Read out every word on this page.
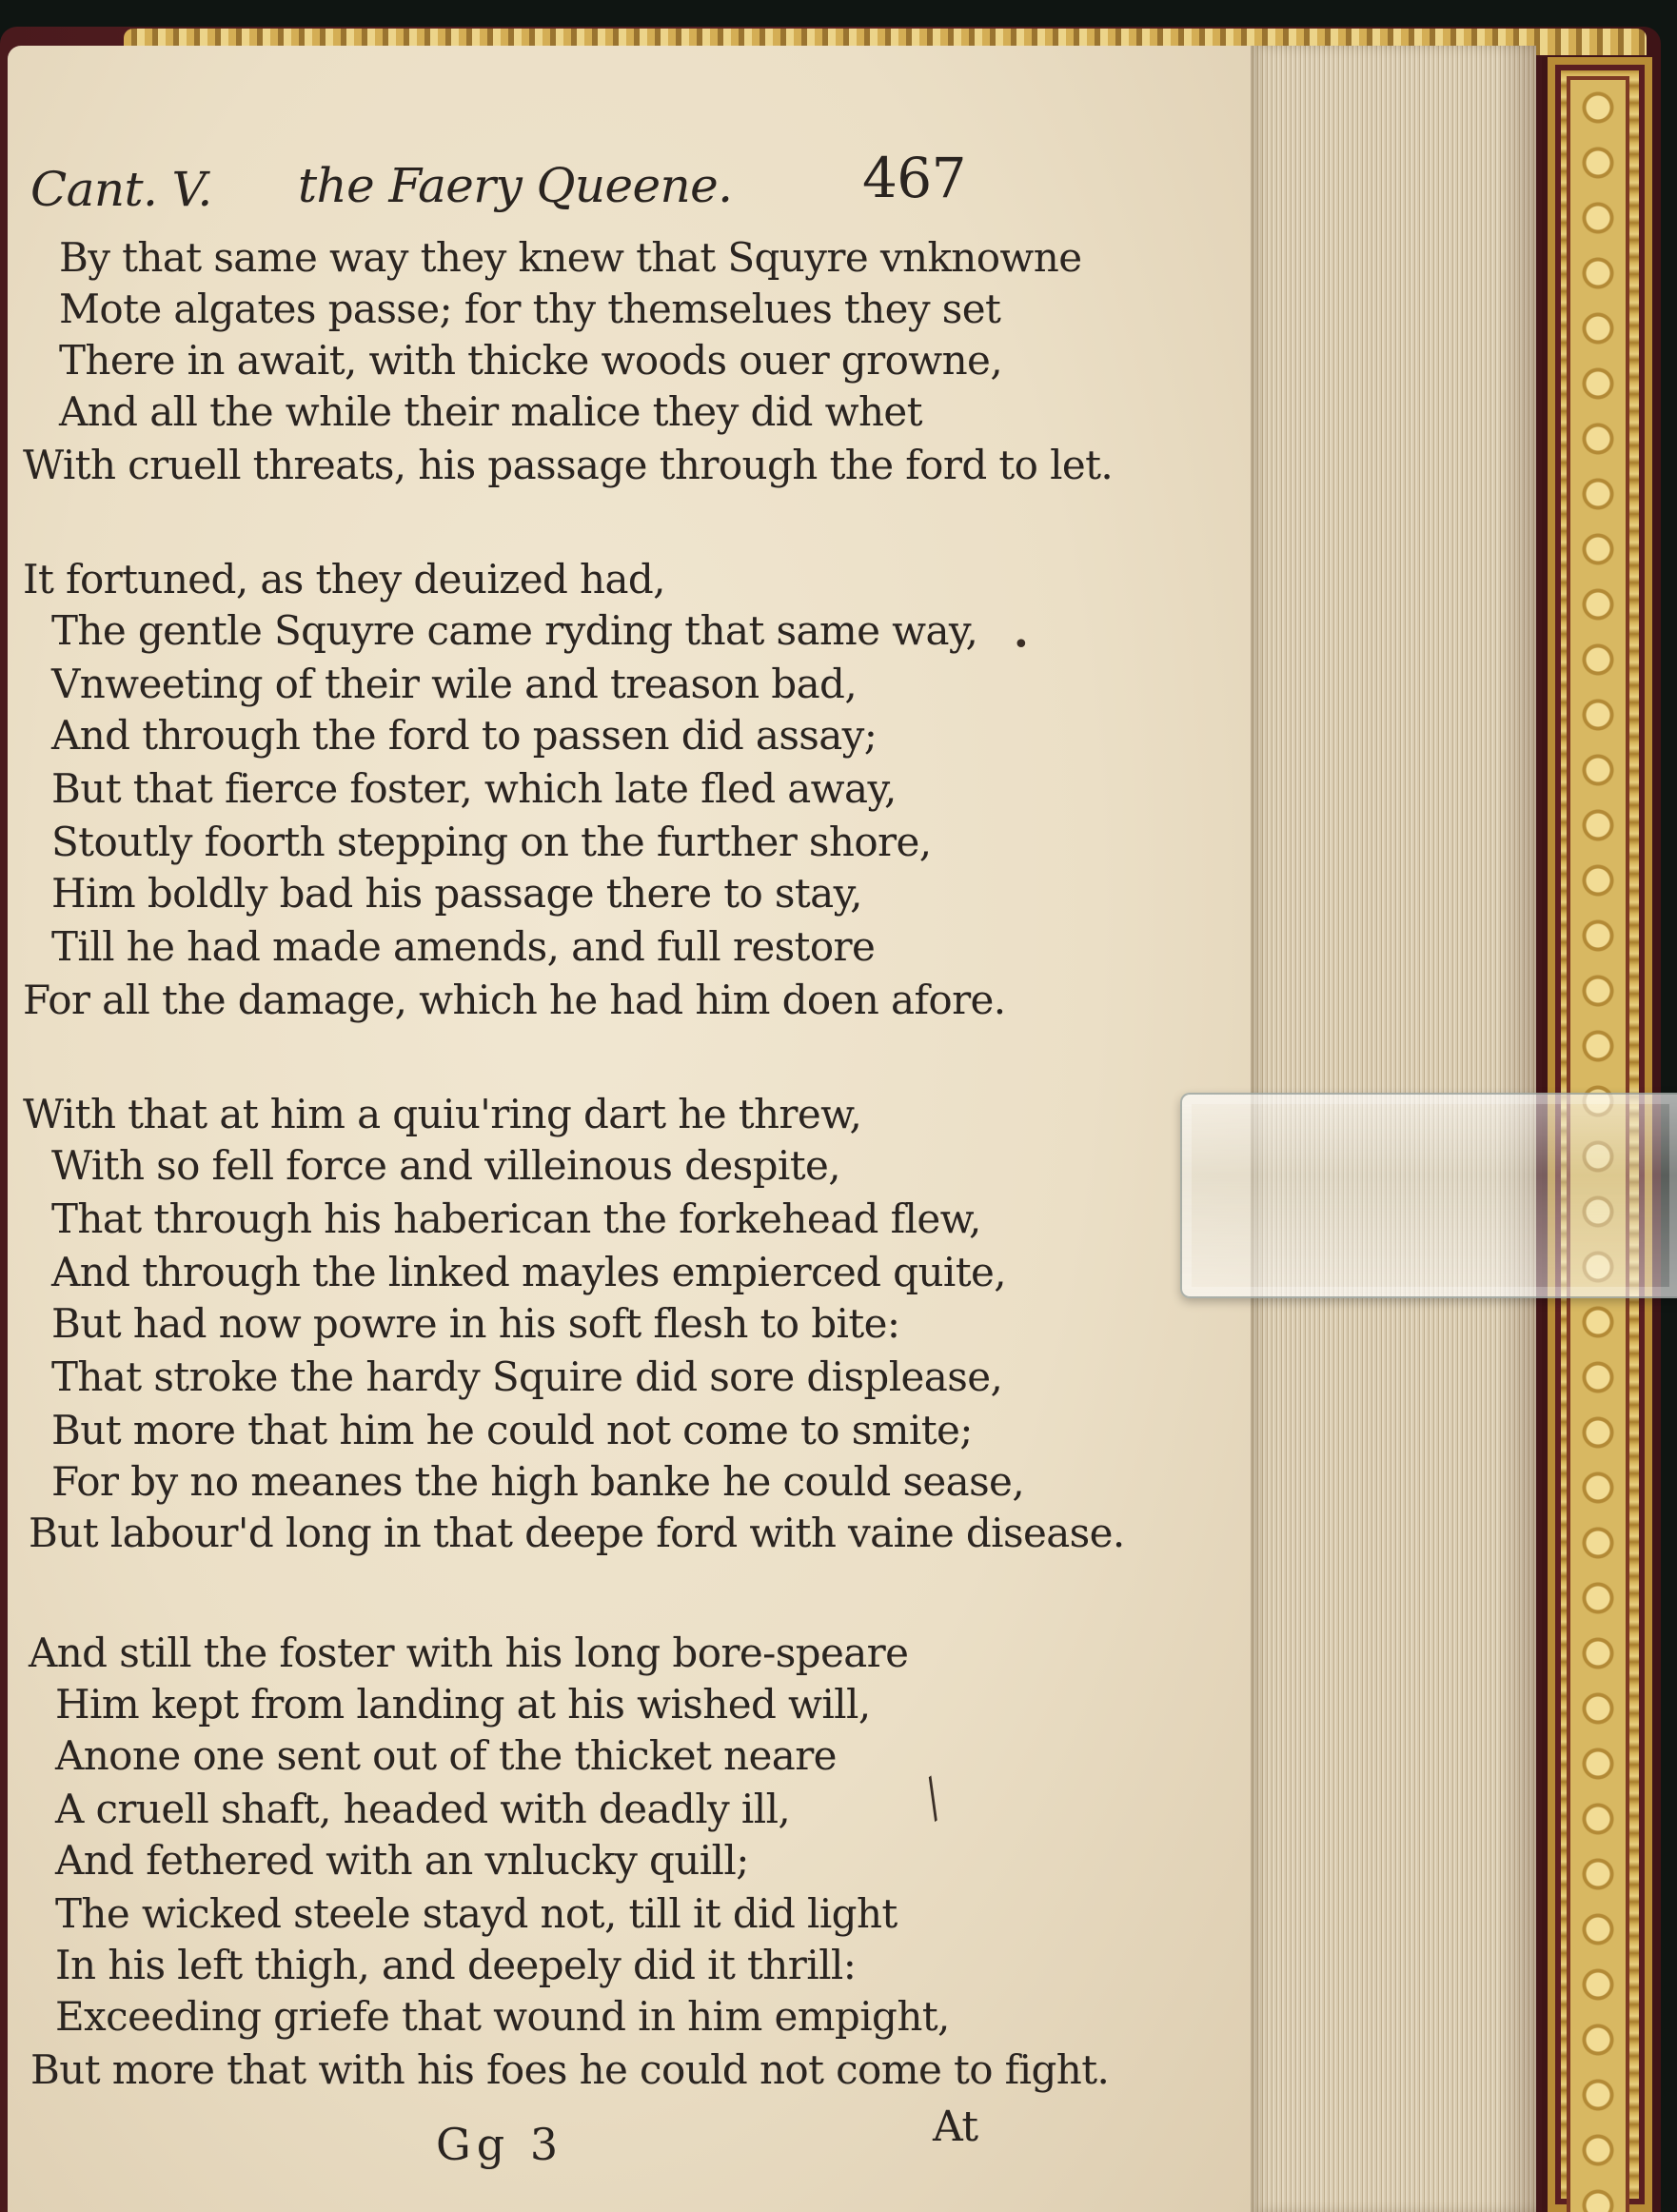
Cant. V. the Faery Queene. 467
By that same way they knew that Squyre vnknowne
Mote algates passe; for thy themselues they set
There in await, with thicke woods ouer growne,
And all the while their malice they did whet
With cruell threats, his passage through the ford to let.
It fortuned, as they deuized had,
The gentle Squyre came ryding that same way,
Vnweeting of their wile and treason bad,
And through the ford to passen did assay;
But that fierce foster, which late fled away,
Stoutly foorth stepping on the further shore,
Him boldly bad his passage there to stay,
Till he had made amends, and full restore
For all the damage, which he had him doen afore.
With that at him a quiu'ring dart he threw,
With so fell force and villeinous despite,
That through his haberican the forkehead flew,
And through the linked mayles empierced quite,
But had now powre in his soft flesh to bite:
That stroke the hardy Squire did sore displease,
But more that him he could not come to smite;
For by no meanes the high banke he could sease,
But labour'd long in that deepe ford with vaine disease.
And still the foster with his long bore-speare
Him kept from landing at his wished will,
Anone one sent out of the thicket neare
A cruell shaft, headed with deadly ill,
And fethered with an vnlucky quill;
The wicked steele stayd not, till it did light
In his left thigh, and deepely did it thrill:
Exceeding griefe that wound in him empight,
But more that with his foes he could not come to fight.
Gg 3	At
•
╱
